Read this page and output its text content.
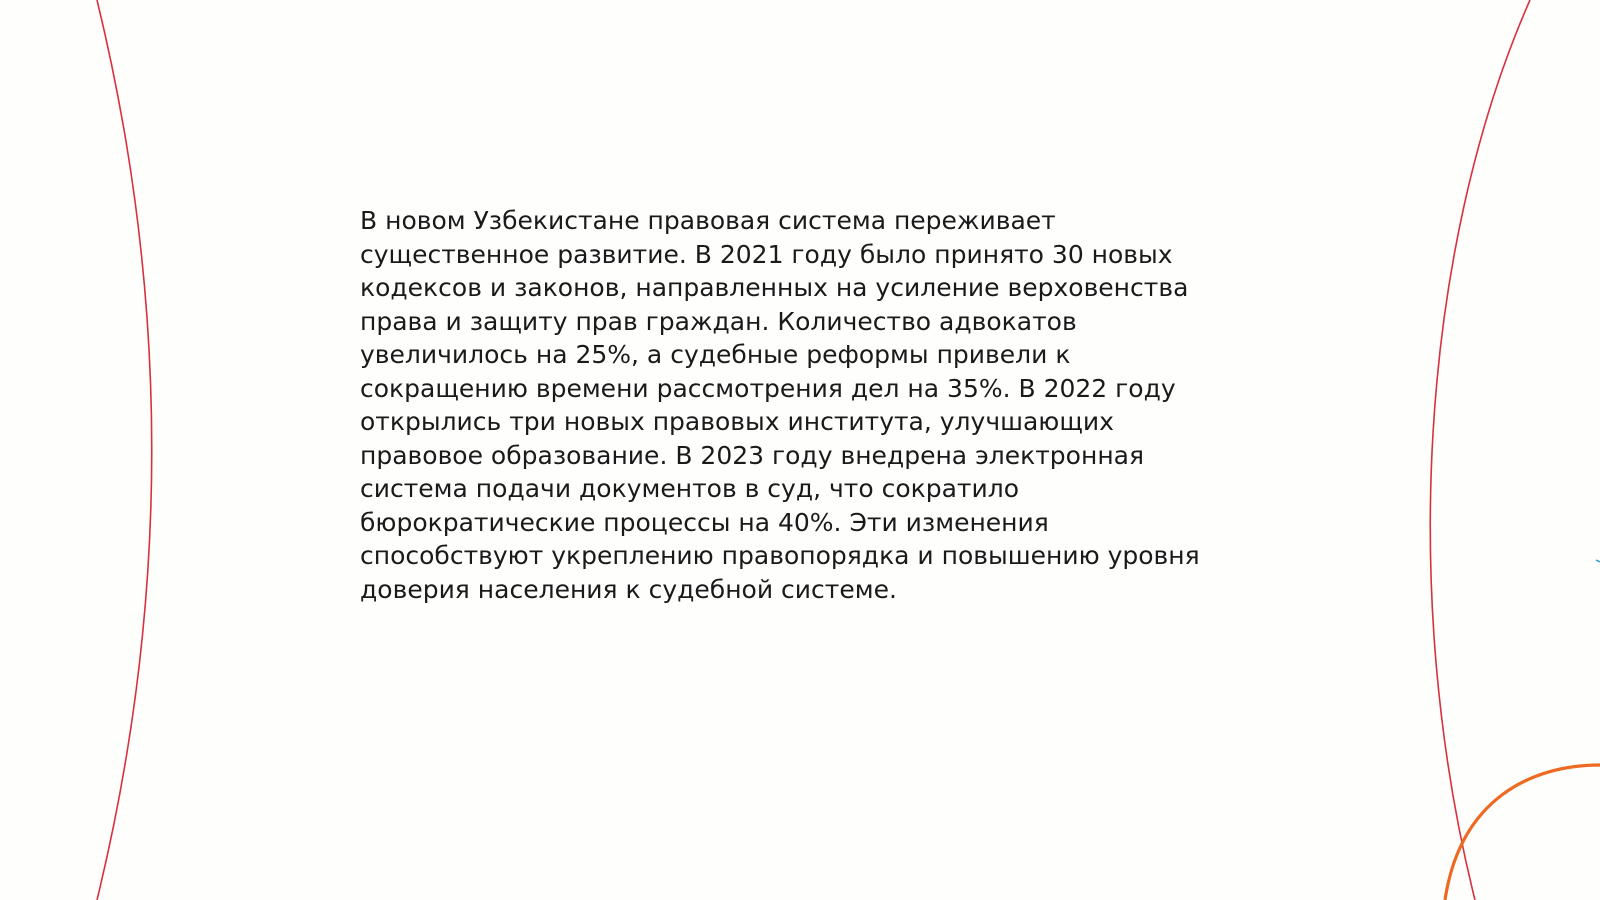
В новом Узбекистане правовая система переживает
существенное развитие. В 2021 году было принято 30 новых
кодексов и законов, направленных на усиление верховенства
права и защиту прав граждан. Количество адвокатов
увеличилось на 25%, а судебные реформы привели к
сокращению времени рассмотрения дел на 35%. В 2022 году
открылись три новых правовых института, улучшающих
правовое образование. В 2023 году внедрена электронная
система подачи документов в суд, что сократило
бюрократические процессы на 40%. Эти изменения
способствуют укреплению правопорядка и повышению уровня
доверия населения к судебной системе.
